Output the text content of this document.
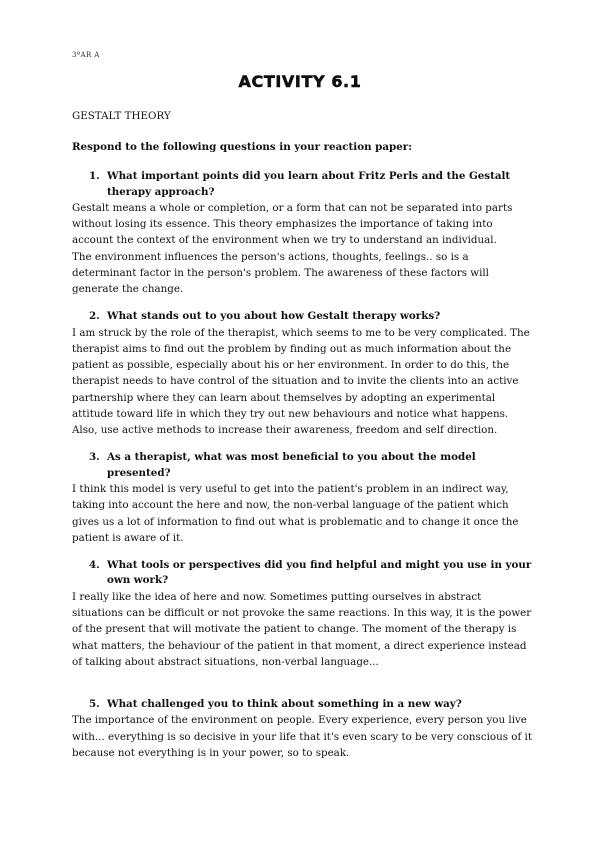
3ºAR A
ACTIVITY 6.1

GESTALT THEORY

Respond to the following questions in your reaction paper:

1. What important points did you learn about Fritz Perls and the Gestalt therapy approach?

Gestalt means a whole or completion, or a form that can not be separated into parts without losing its essence. This theory emphasizes the importance of taking into account the context of the environment when we try to understand an individual.

The environment influences the person's actions, thoughts, feelings.. so is a determinant factor in the person's problem. The awareness of these factors will generate the change.

2. What stands out to you about how Gestalt therapy works?

I am struck by the role of the therapist, which seems to me to be very complicated. The therapist aims to find out the problem by finding out as much information about the patient as possible, especially about his or her environment. In order to do this, the therapist needs to have control of the situation and to invite the clients into an active partnership where they can learn about themselves by adopting an experimental attitude toward life in which they try out new behaviours and notice what happens. Also, use active methods to increase their awareness, freedom and self direction.

3. As a therapist, what was most beneficial to you about the model presented?

I think this model is very useful to get into the patient's problem in an indirect way, taking into account the here and now, the non-verbal language of the patient which gives us a lot of information to find out what is problematic and to change it once the patient is aware of it.

4. What tools or perspectives did you find helpful and might you use in your own work?

I really like the idea of here and now. Sometimes putting ourselves in abstract situations can be difficult or not provoke the same reactions. In this way, it is the power of the present that will motivate the patient to change. The moment of the therapy is what matters, the behaviour of the patient in that moment, a direct experience instead of talking about abstract situations, non-verbal language...

5. What challenged you to think about something in a new way?

The importance of the environment on people. Every experience, every person you live with... everything is so decisive in your life that it's even scary to be very conscious of it because not everything is in your power, so to speak.
